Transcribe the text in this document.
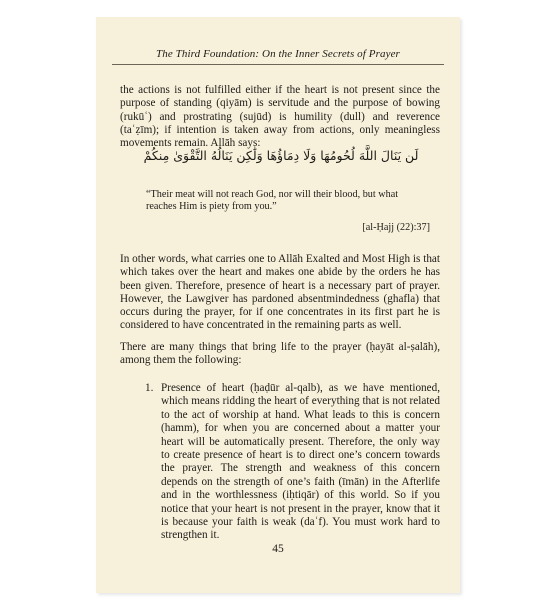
The Third Foundation: On the Inner Secrets of Prayer
the actions is not fulfilled either if the heart is not present since the purpose of standing (qiyām) is servitude and the purpose of bowing (rukūʿ) and prostrating (sujūd) is humility (dull) and reverence (taʿẓīm); if intention is taken away from actions, only meaningless movements remain. Allāh says:
لَن يَنَالَ اللَّهَ لُحُومُهَا وَلَا دِمَاؤُهَا وَلَٰكِن يَنَالُهُ التَّقْوَىٰ مِنكُمْ
“Their meat will not reach God, nor will their blood, but what reaches Him is piety from you.”
[al-Ḥajj (22):37]
In other words, what carries one to Allāh Exalted and Most High is that which takes over the heart and makes one abide by the orders he has been given. Therefore, presence of heart is a necessary part of prayer. However, the Lawgiver has pardoned absentmindedness (ghafla) that occurs during the prayer, for if one concentrates in its first part he is considered to have concentrated in the remaining parts as well.
There are many things that bring life to the prayer (ḥayāt al-ṣalāh), among them the following:
1. Presence of heart (ḥaḍūr al-qalb), as we have mentioned, which means ridding the heart of everything that is not related to the act of worship at hand. What leads to this is concern (hamm), for when you are concerned about a matter your heart will be automatically present. Therefore, the only way to create presence of heart is to direct one’s concern towards the prayer. The strength and weakness of this concern depends on the strength of one’s faith (īmān) in the Afterlife and in the worthlessness (iḥtiqār) of this world. So if you notice that your heart is not present in the prayer, know that it is because your faith is weak (daʿf). You must work hard to strengthen it.
45
